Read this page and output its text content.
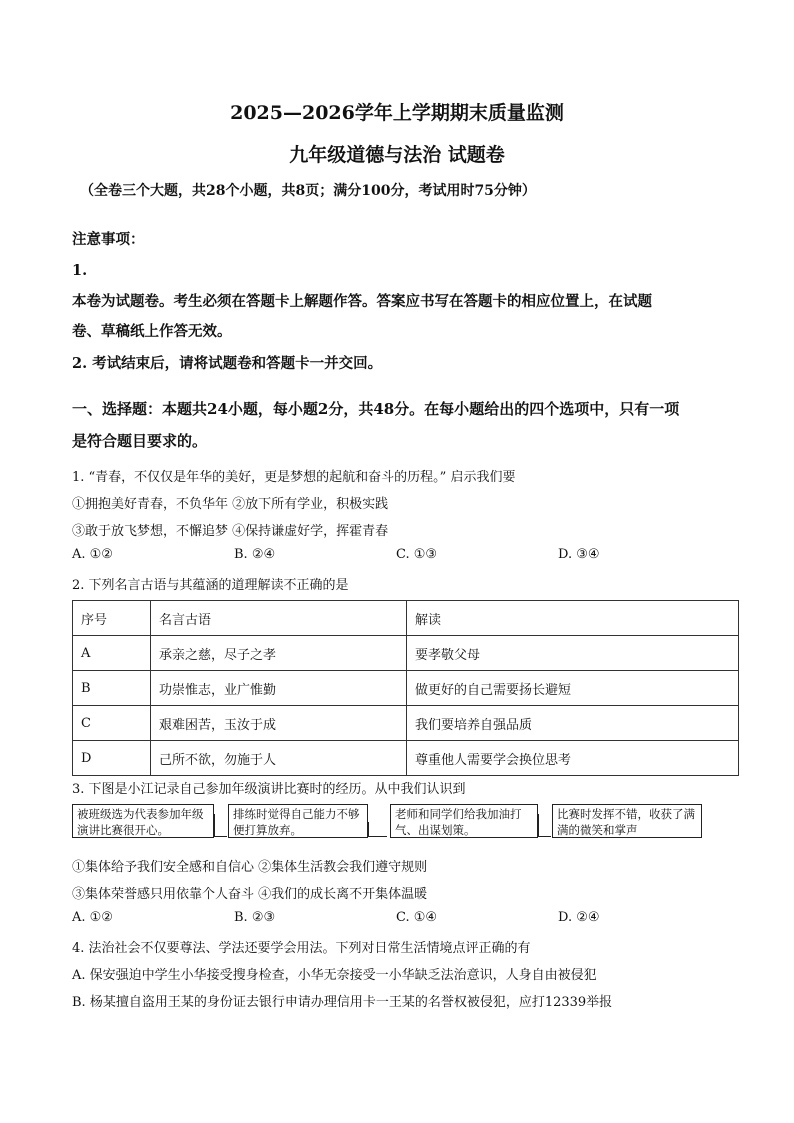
2025—2026学年上学期期末质量监测
九年级道德与法治 试题卷
（全卷三个大题，共28个小题，共8页；满分100分，考试用时75分钟）
注意事项：
1.
本卷为试题卷。考生必须在答题卡上解题作答。答案应书写在答题卡的相应位置上，在试题
卷、草稿纸上作答无效。
2. 考试结束后，请将试题卷和答题卡一并交回。
一、选择题：本题共24小题，每小题2分，共48分。在每小题给出的四个选项中，只有一项
是符合题目要求的。
1. “青春，不仅仅是年华的美好，更是梦想的起航和奋斗的历程。” 启示我们要
①拥抱美好青春，不负华年 ②放下所有学业，积极实践
③敢于放飞梦想，不懈追梦 ④保持谦虚好学，挥霍青春
A. ①②	B. ②④	C. ①③	D. ③④
2. 下列名言古语与其蕴涵的道理解读不正确的是
序号	名言古语	解读
A	承亲之慈，尽子之孝	要孝敬父母
B	功崇惟志，业广惟勤	做更好的自己需要扬长避短
C	艰难困苦，玉汝于成	我们要培养自强品质
D	己所不欲，勿施于人	尊重他人需要学会换位思考
3. 下图是小江记录自己参加年级演讲比赛时的经历。从中我们认识到
被班级选为代表参加年级演讲比赛很开心。
排练时觉得自己能力不够便打算放弃。
老师和同学们给我加油打气、出谋划策。
比赛时发挥不错，收获了满满的微笑和掌声
①集体给予我们安全感和自信心 ②集体生活教会我们遵守规则
③集体荣誉感只用依靠个人奋斗 ④我们的成长离不开集体温暖
A. ①②	B. ②③	C. ①④	D. ②④
4. 法治社会不仅要尊法、学法还要学会用法。下列对日常生活情境点评正确的有
A. 保安强迫中学生小华接受搜身检查，小华无奈接受一小华缺乏法治意识，人身自由被侵犯
B. 杨某擅自盗用王某的身份证去银行申请办理信用卡一王某的名誉权被侵犯，应打12339举报
